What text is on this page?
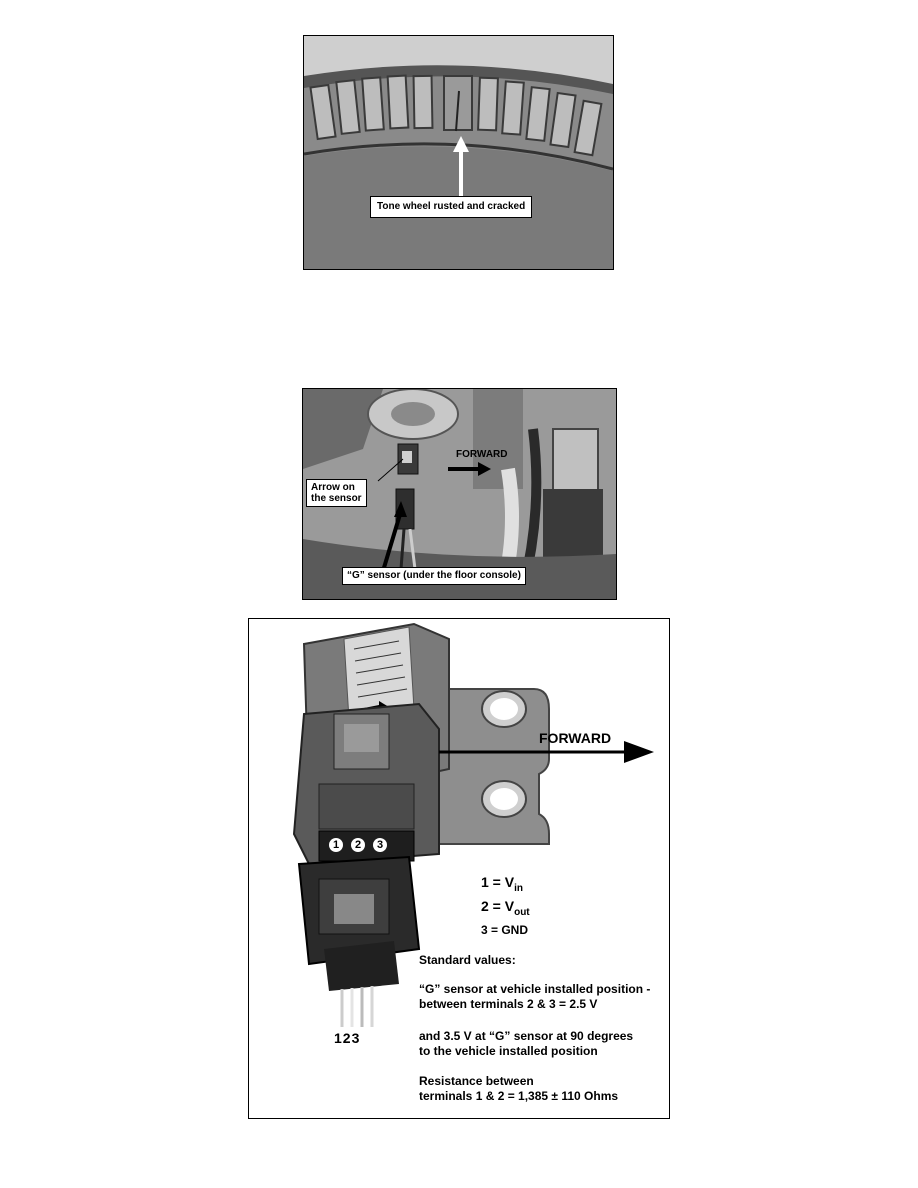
Tone wheel rusted and cracked
FORWARD
Arrow on
the sensor
“G” sensor (under the floor console)
FORWARD
1	2	3
123
$1 = V_{in}$
$2 = V_{out}$
3 = GND
Standard values:
“G” sensor at vehicle installed position -
between terminals 2 & 3 = 2.5 V
and 3.5 V at “G” sensor at 90 degrees
to the vehicle installed position
Resistance between
terminals 1 & 2 = 1,385 ± 110 Ohms
